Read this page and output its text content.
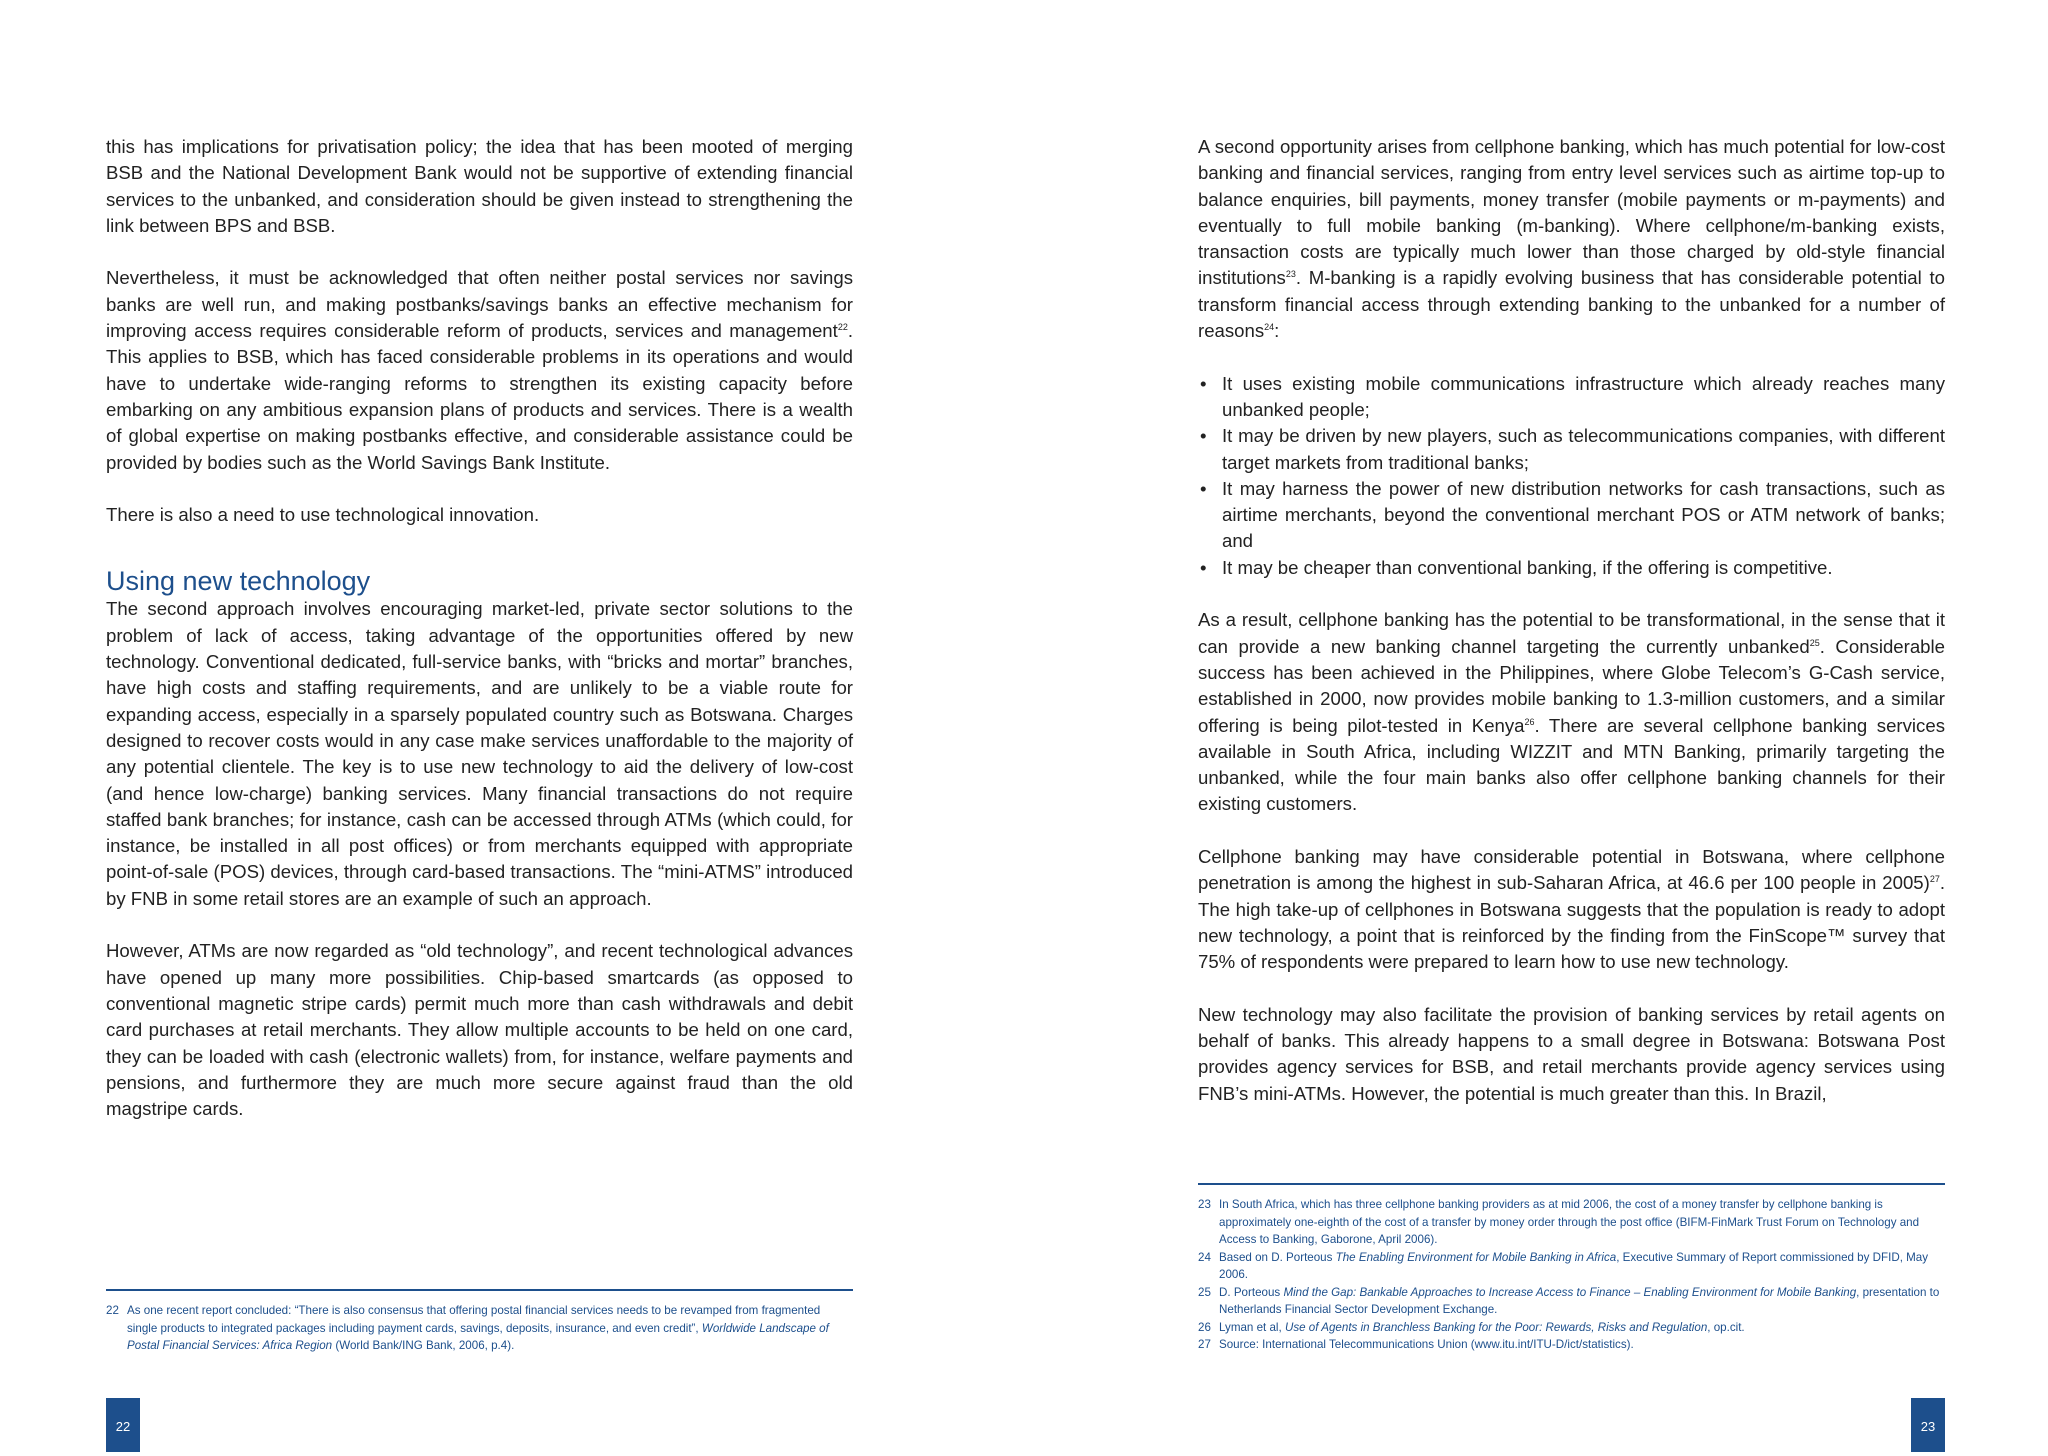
this has implications for privatisation policy; the idea that has been mooted of merging BSB and the National Development Bank would not be supportive of extending financial services to the unbanked, and consideration should be given instead to strengthening the link between BPS and BSB.

Nevertheless, it must be acknowledged that often neither postal services nor savings banks are well run, and making postbanks/savings banks an effective mechanism for improving access requires considerable reform of products, services and management$^{22}$. This applies to BSB, which has faced considerable problems in its operations and would have to undertake wide-ranging reforms to strengthen its existing capacity before embarking on any ambitious expansion plans of products and services. There is a wealth of global expertise on making postbanks effective, and considerable assistance could be provided by bodies such as the World Savings Bank Institute.

There is also a need to use technological innovation.

Using new technology

The second approach involves encouraging market-led, private sector solutions to the problem of lack of access, taking advantage of the opportunities offered by new technology. Conventional dedicated, full-service banks, with “bricks and mortar” branches, have high costs and staffing requirements, and are unlikely to be a viable route for expanding access, especially in a sparsely populated country such as Botswana. Charges designed to recover costs would in any case make services unaffordable to the majority of any potential clientele. The key is to use new technology to aid the delivery of low-cost (and hence low-charge) banking services. Many financial transactions do not require staffed bank branches; for instance, cash can be accessed through ATMs (which could, for instance, be installed in all post offices) or from merchants equipped with appropriate point-of-sale (POS) devices, through card-based transactions. The “mini-ATMS” introduced by FNB in some retail stores are an example of such an approach.

However, ATMs are now regarded as “old technology”, and recent technological advances have opened up many more possibilities. Chip-based smartcards (as opposed to conventional magnetic stripe cards) permit much more than cash withdrawals and debit card purchases at retail merchants. They allow multiple accounts to be held on one card, they can be loaded with cash (electronic wallets) from, for instance, welfare payments and pensions, and furthermore they are much more secure against fraud than the old magstripe cards.

22 As one recent report concluded: “There is also consensus that offering postal financial services needs to be revamped from fragmented single products to integrated packages including payment cards, savings, deposits, insurance, and even credit”, Worldwide Landscape of Postal Financial Services: Africa Region (World Bank/ING Bank, 2006, p.4).
22

A second opportunity arises from cellphone banking, which has much potential for low-cost banking and financial services, ranging from entry level services such as airtime top-up to balance enquiries, bill payments, money transfer (mobile payments or m-payments) and eventually to full mobile banking (m-banking). Where cellphone/m-banking exists, transaction costs are typically much lower than those charged by old-style financial institutions$^{23}$. M-banking is a rapidly evolving business that has considerable potential to transform financial access through extending banking to the unbanked for a number of reasons$^{24}$:

• It uses existing mobile communications infrastructure which already reaches many unbanked people;
• It may be driven by new players, such as telecommunications companies, with different target markets from traditional banks;
• It may harness the power of new distribution networks for cash transactions, such as airtime merchants, beyond the conventional merchant POS or ATM network of banks; and
• It may be cheaper than conventional banking, if the offering is competitive.

As a result, cellphone banking has the potential to be transformational, in the sense that it can provide a new banking channel targeting the currently unbanked$^{25}$. Considerable success has been achieved in the Philippines, where Globe Telecom’s G-Cash service, established in 2000, now provides mobile banking to 1.3-million customers, and a similar offering is being pilot-tested in Kenya$^{26}$. There are several cellphone banking services available in South Africa, including WIZZIT and MTN Banking, primarily targeting the unbanked, while the four main banks also offer cellphone banking channels for their existing customers.

Cellphone banking may have considerable potential in Botswana, where cellphone penetration is among the highest in sub-Saharan Africa, at 46.6 per 100 people in 2005)$^{27}$. The high take-up of cellphones in Botswana suggests that the population is ready to adopt new technology, a point that is reinforced by the finding from the FinScope™ survey that 75% of respondents were prepared to learn how to use new technology.

New technology may also facilitate the provision of banking services by retail agents on behalf of banks. This already happens to a small degree in Botswana: Botswana Post provides agency services for BSB, and retail merchants provide agency services using FNB’s mini-ATMs. However, the potential is much greater than this. In Brazil,

23 In South Africa, which has three cellphone banking providers as at mid 2006, the cost of a money transfer by cellphone banking is approximately one-eighth of the cost of a transfer by money order through the post office (BIFM-FinMark Trust Forum on Technology and Access to Banking, Gaborone, April 2006).
24 Based on D. Porteous The Enabling Environment for Mobile Banking in Africa, Executive Summary of Report commissioned by DFID, May 2006.
25 D. Porteous Mind the Gap: Bankable Approaches to Increase Access to Finance – Enabling Environment for Mobile Banking, presentation to Netherlands Financial Sector Development Exchange.
26 Lyman et al, Use of Agents in Branchless Banking for the Poor: Rewards, Risks and Regulation, op.cit.
27 Source: International Telecommunications Union (www.itu.int/ITU-D/ict/statistics).
23
